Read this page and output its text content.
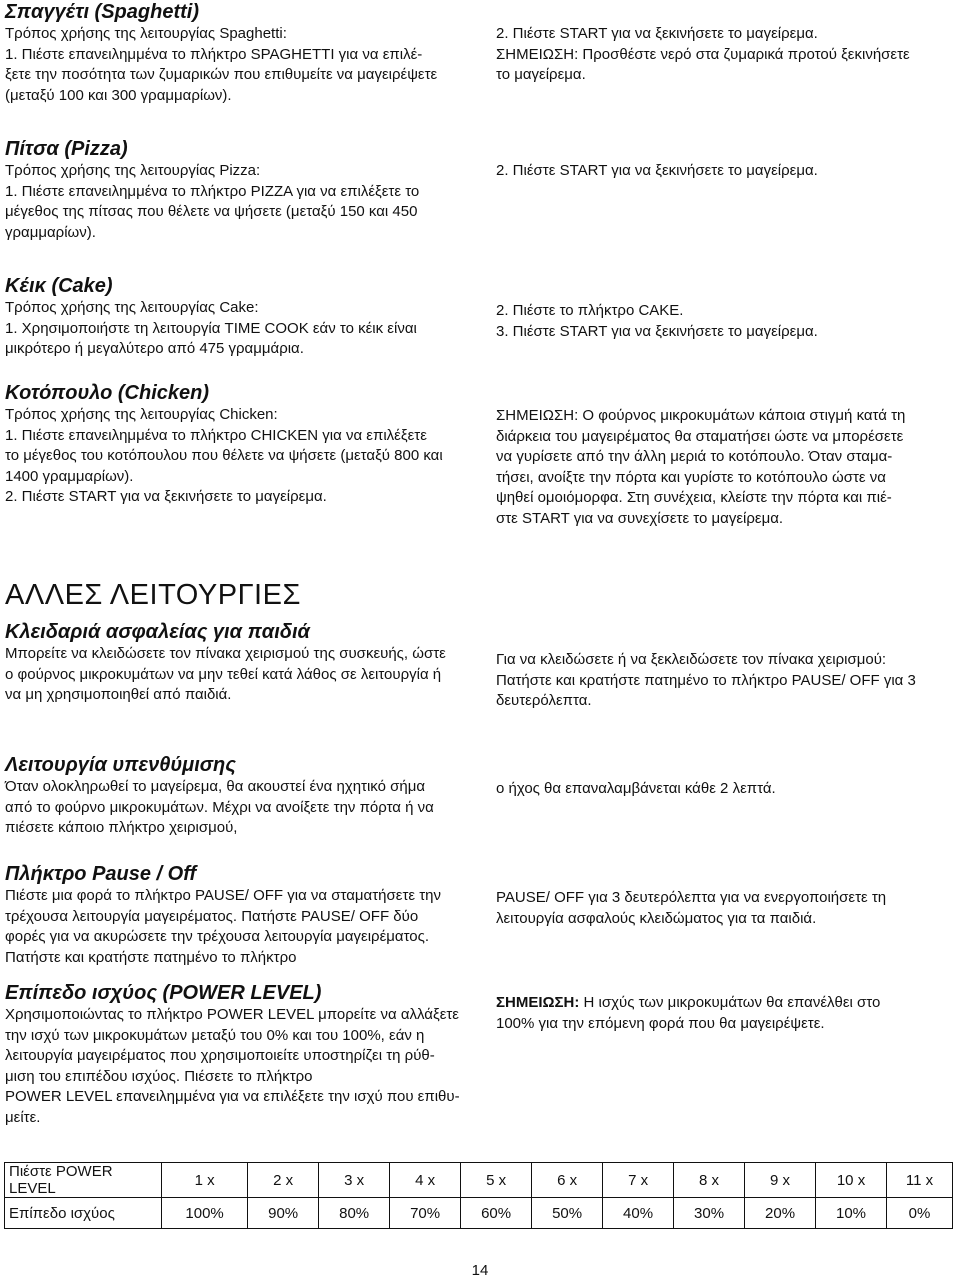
Σπαγγέτι (Spaghetti)
Τρόπος χρήσης της λειτουργίας Spaghetti:
1. Πιέστε επανειλημμένα το πλήκτρο SPAGHETTI για να επιλέ-
ξετε την ποσότητα των ζυμαρικών που επιθυμείτε να μαγειρέψετε
(μεταξύ 100 και 300 γραμμαρίων).
2. Πιέστε START για να ξεκινήσετε το μαγείρεμα.
ΣΗΜΕΙΩΣΗ: Προσθέστε νερό στα ζυμαρικά προτού ξεκινήσετε
το μαγείρεμα.
Πίτσα (Pizza)
Τρόπος χρήσης της λειτουργίας Pizza:
1. Πιέστε επανειλημμένα το πλήκτρο PIZZA για να επιλέξετε το
μέγεθος της πίτσας που θέλετε να ψήσετε (μεταξύ 150 και 450
γραμμαρίων).
2. Πιέστε START για να ξεκινήσετε το μαγείρεμα.
Κέικ (Cake)
Τρόπος χρήσης της λειτουργίας Cake:
1. Χρησιμοποιήστε τη λειτουργία TIME COOK εάν το κέικ είναι
μικρότερο ή μεγαλύτερο από 475 γραμμάρια.
2. Πιέστε το πλήκτρο CAKE.
3. Πιέστε START για να ξεκινήσετε το μαγείρεμα.
Κοτόπουλο (Chicken)
Τρόπος χρήσης της λειτουργίας Chicken:
1. Πιέστε επανειλημμένα το πλήκτρο CHICKEN για να επιλέξετε
το μέγεθος του κοτόπουλου που θέλετε να ψήσετε (μεταξύ 800 και
1400 γραμμαρίων).
2. Πιέστε START για να ξεκινήσετε το μαγείρεμα.
ΣΗΜΕΙΩΣΗ: Ο φούρνος μικροκυμάτων κάποια στιγμή κατά τη
διάρκεια του μαγειρέματος θα σταματήσει ώστε να μπορέσετε
να γυρίσετε από την άλλη μεριά το κοτόπουλο. Όταν σταμα-
τήσει, ανοίξτε την πόρτα και γυρίστε το κοτόπουλο ώστε να
ψηθεί ομοιόμορφα. Στη συνέχεια, κλείστε την πόρτα και πιέ-
στε START για να συνεχίσετε το μαγείρεμα.
ΑΛΛΕΣ ΛΕΙΤΟΥΡΓΙΕΣ
Κλειδαριά ασφαλείας για παιδιά
Μπορείτε να κλειδώσετε τον πίνακα χειρισμού της συσκευής, ώστε
ο φούρνος μικροκυμάτων να μην τεθεί κατά λάθος σε λειτουργία ή
να μη χρησιμοποιηθεί από παιδιά.
Για να κλειδώσετε ή να ξεκλειδώσετε τον πίνακα χειρισμού:
Πατήστε και κρατήστε πατημένο το πλήκτρο PAUSE/ OFF για 3
δευτερόλεπτα.
Λειτουργία υπενθύμισης
Όταν ολοκληρωθεί το μαγείρεμα, θα ακουστεί ένα ηχητικό σήμα
από το φούρνο μικροκυμάτων. Μέχρι να ανοίξετε την πόρτα ή να
πιέσετε κάποιο πλήκτρο χειρισμού,
ο ήχος θα επαναλαμβάνεται κάθε 2 λεπτά.
Πλήκτρο Pause / Off
Πιέστε μια φορά το πλήκτρο PAUSE/ OFF για να σταματήσετε την
τρέχουσα λειτουργία μαγειρέματος. Πατήστε PAUSE/ OFF δύο
φορές για να ακυρώσετε την τρέχουσα λειτουργία μαγειρέματος.
Πατήστε και κρατήστε πατημένο το πλήκτρο
PAUSE/ OFF για 3 δευτερόλεπτα για να ενεργοποιήσετε τη
λειτουργία ασφαλούς κλειδώματος για τα παιδιά.
Επίπεδο ισχύος (POWER LEVEL)
Χρησιμοποιώντας το πλήκτρο POWER LEVEL μπορείτε να αλλάξετε
την ισχύ των μικροκυμάτων μεταξύ του 0% και του 100%, εάν η
λειτουργία μαγειρέματος που χρησιμοποιείτε υποστηρίζει τη ρύθ-
μιση του επιπέδου ισχύος. Πιέσετε το πλήκτρο
POWER LEVEL επανειλημμένα για να επιλέξετε την ισχύ που επιθυ-
μείτε.
ΣΗΜΕΙΩΣΗ: Η ισχύς των μικροκυμάτων θα επανέλθει στο
100% για την επόμενη φορά που θα μαγειρέψετε.
Πιέστε POWER LEVEL	1 x	2 x	3 x	4 x	5 x	6 x	7 x	8 x	9 x	10 x	11 x
Επίπεδο ισχύος	100%	90%	80%	70%	60%	50%	40%	30%	20%	10%	0%
14
